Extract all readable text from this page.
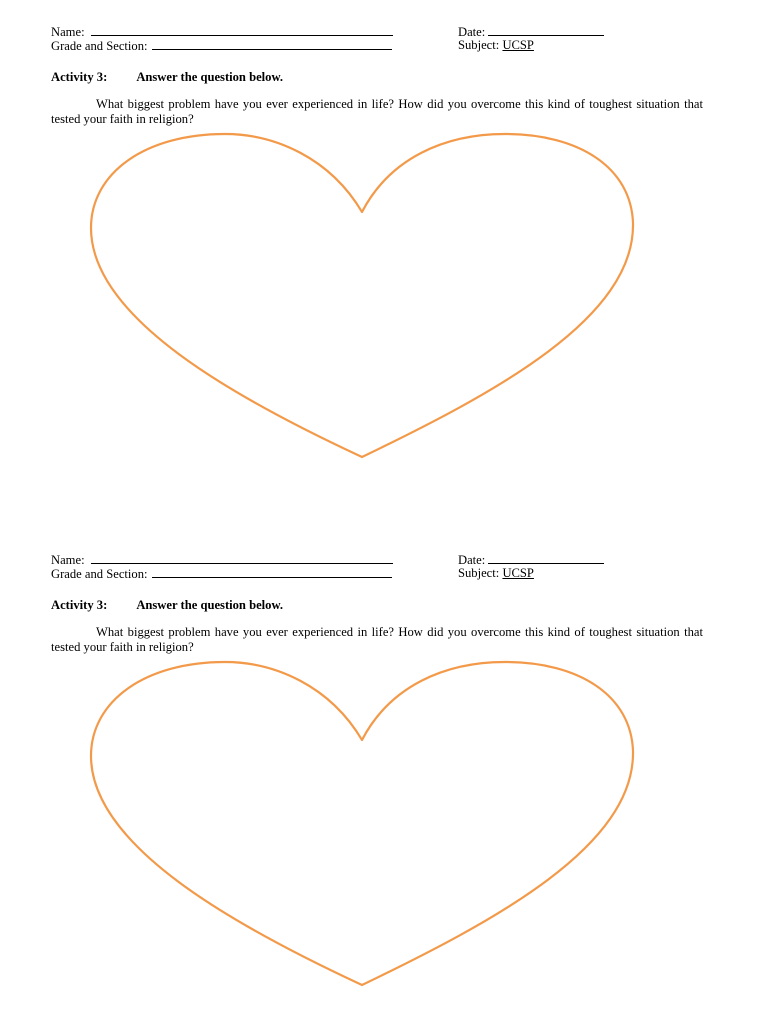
Name:
Grade and Section:
Date:
Subject: UCSP
Activity 3: Answer the question below.

What biggest problem have you ever experienced in life? How did you overcome this kind of toughest situation that tested your faith in religion?

Name:
Grade and Section:
Date:
Subject: UCSP
Activity 3: Answer the question below.

What biggest problem have you ever experienced in life? How did you overcome this kind of toughest situation that tested your faith in religion?
